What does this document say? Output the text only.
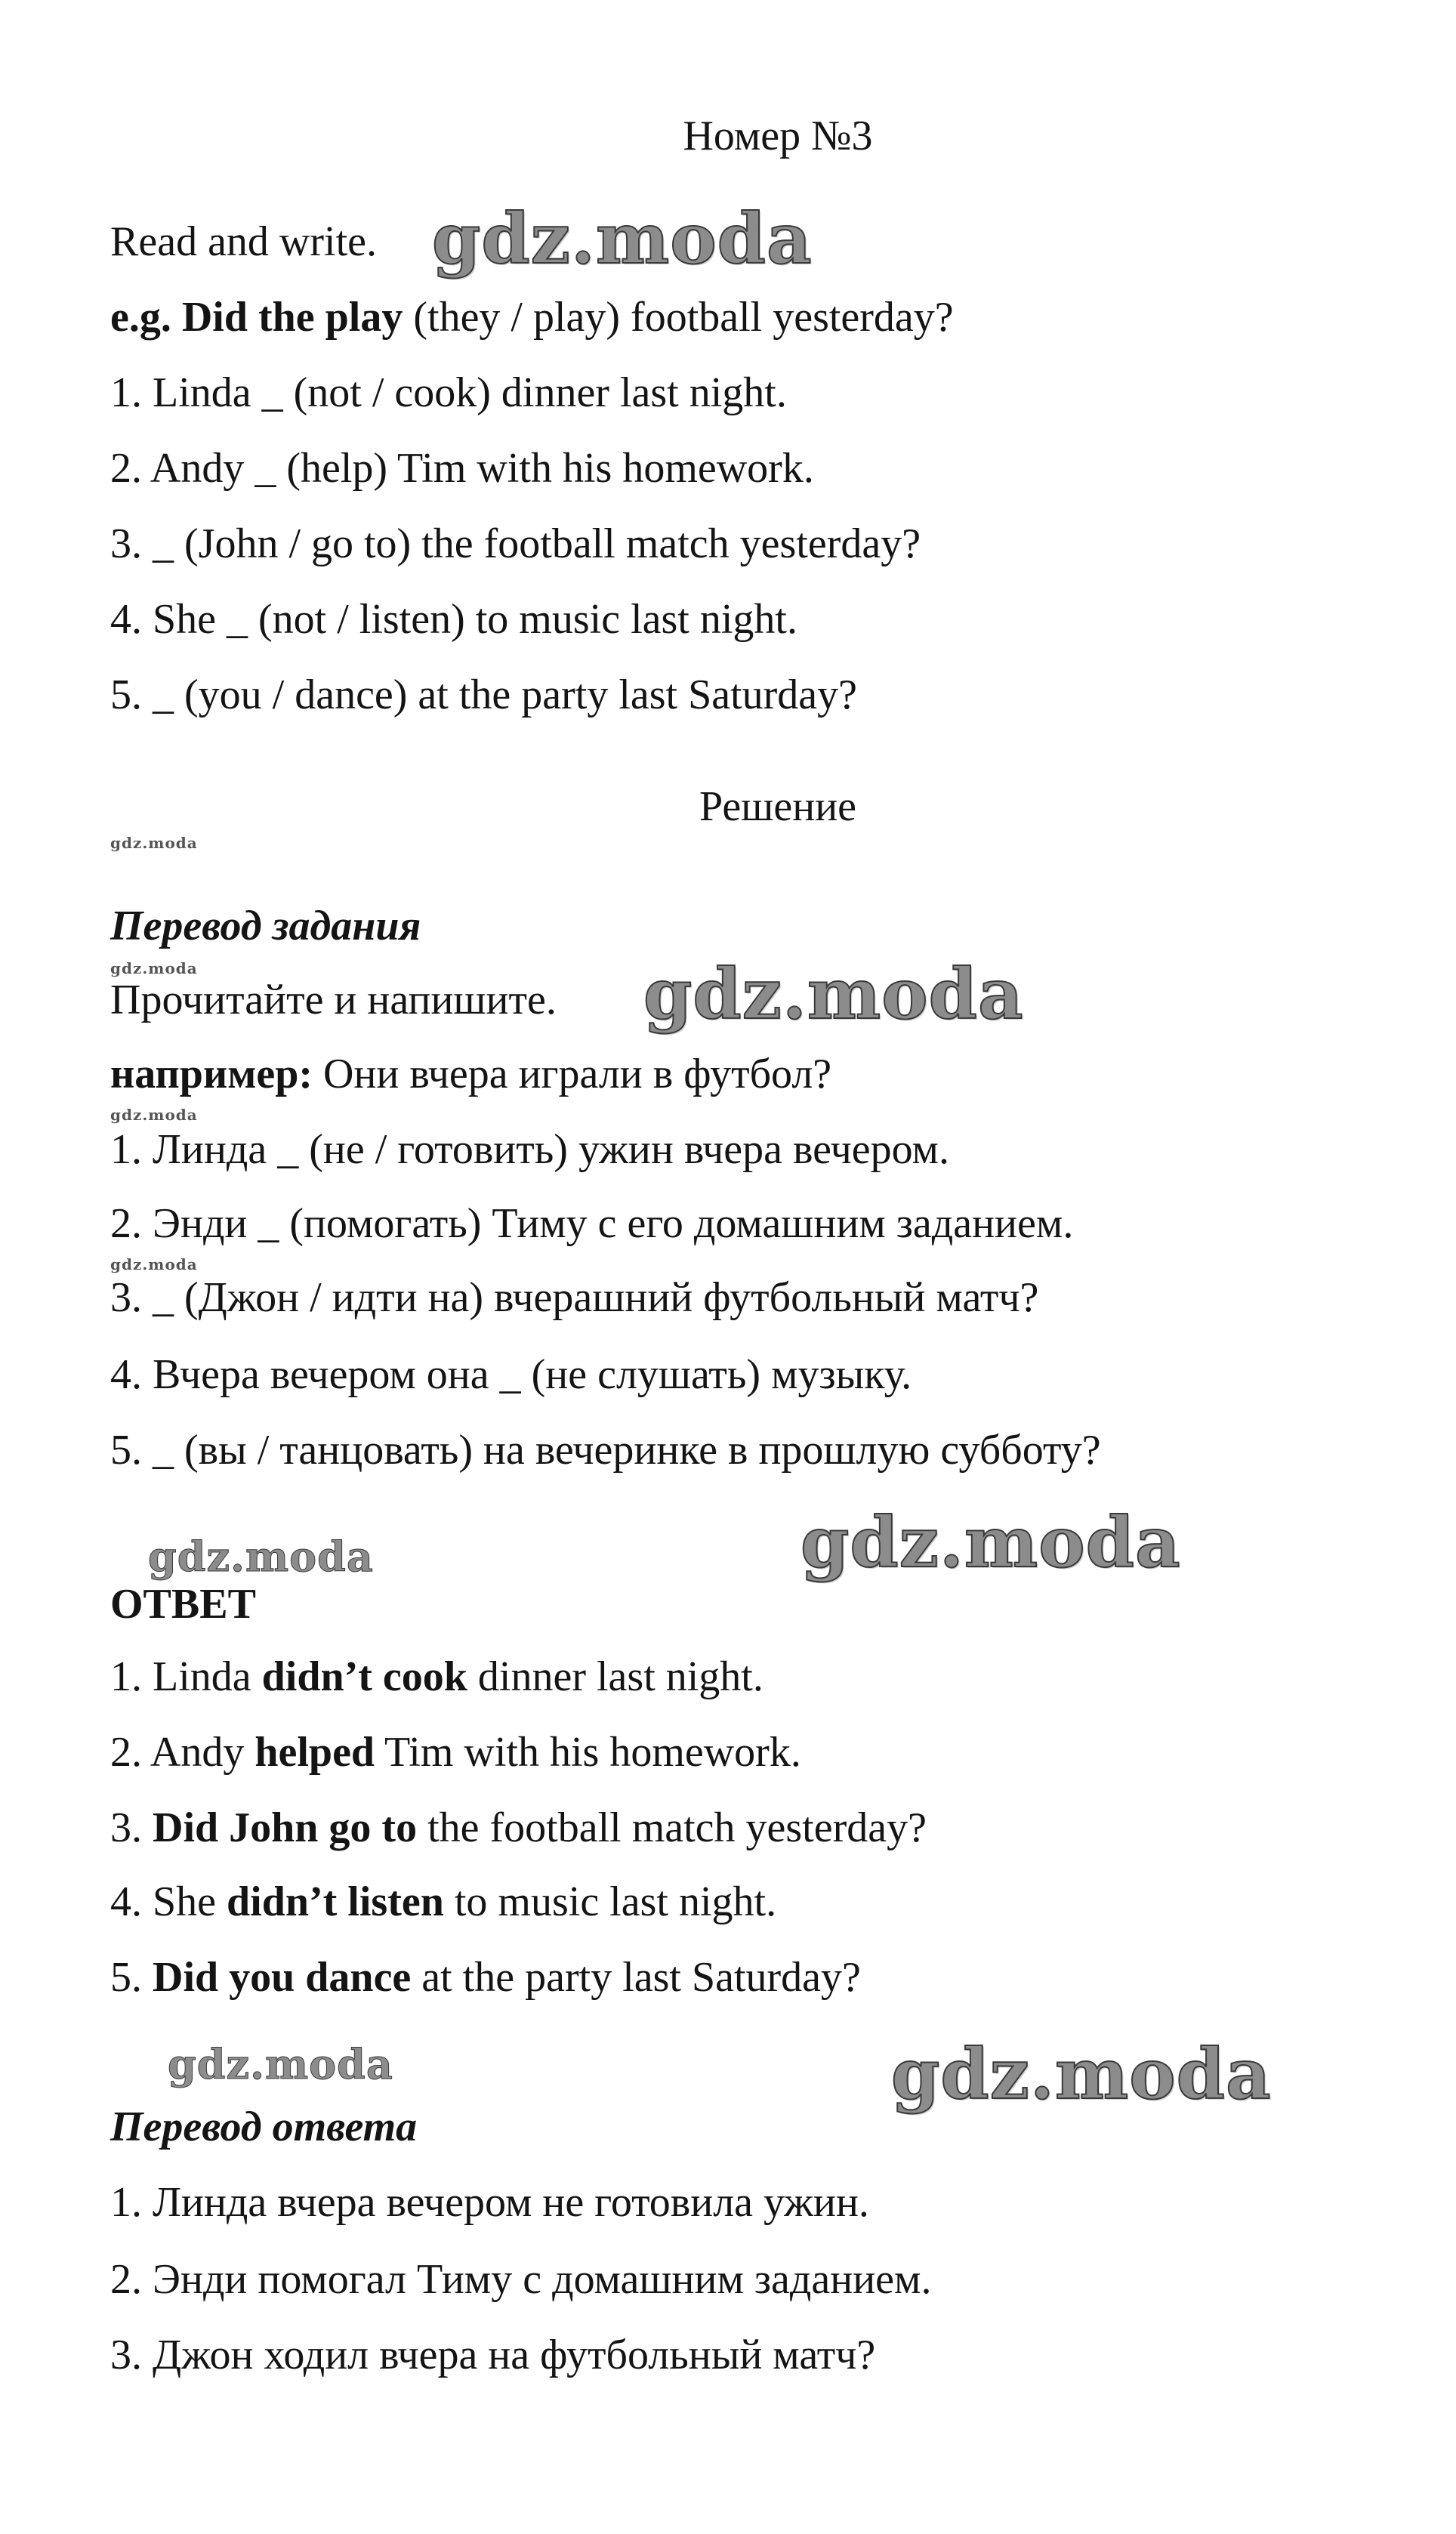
Номер №3
Read and write. gdz.moda
e.g. Did the play (they / play) football yesterday?
1. Linda _ (not / cook) dinner last night.
2. Andy _ (help) Tim with his homework.
3. _ (John / go to) the football match yesterday?
4. She _ (not / listen) to music last night.
5. _ (you / dance) at the party last Saturday?
Решение
gdz.moda
Перевод задания
gdz.moda
Прочитайте и напишите. gdz.moda
например: Они вчера играли в футбол?
gdz.moda
1. Линда _ (не / готовить) ужин вчера вечером.
2. Энди _ (помогать) Тиму с его домашним заданием.
gdz.moda
3. _ (Джон / идти на) вчерашний футбольный матч?
4. Вчера вечером она _ (не слушать) музыку.
5. _ (вы / танцовать) на вечеринке в прошлую субботу?
gdz.moda	gdz.moda
ОТВЕТ
1. Linda didn’t cook dinner last night.
2. Andy helped Tim with his homework.
3. Did John go to the football match yesterday?
4. She didn’t listen to music last night.
5. Did you dance at the party last Saturday?
gdz.moda	gdz.moda
Перевод ответа
1. Линда вчера вечером не готовила ужин.
2. Энди помогал Тиму с домашним заданием.
3. Джон ходил вчера на футбольный матч?
